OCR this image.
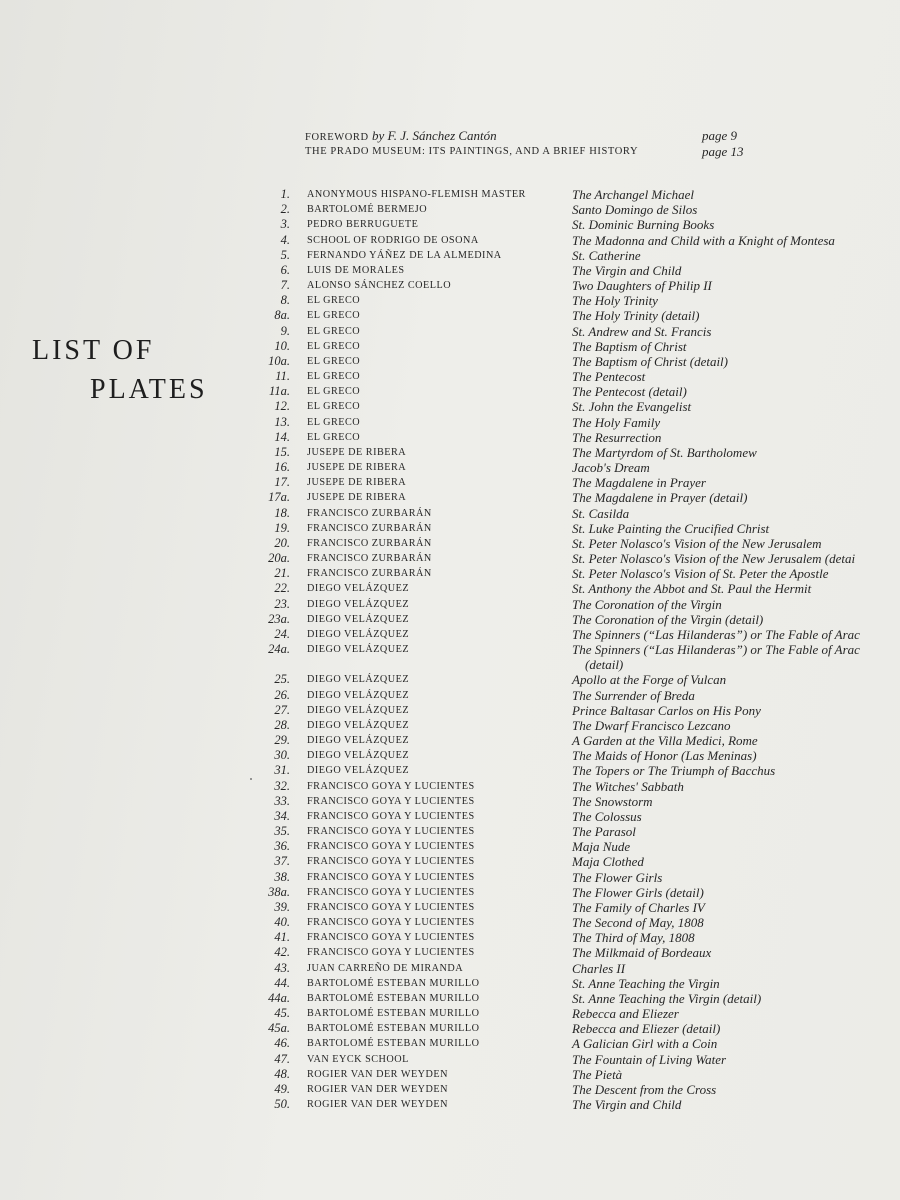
LIST OF
PLATES
FOREWORD by F. J. Sánchez Cantón	page 9
THE PRADO MUSEUM: ITS PAINTINGS, AND A BRIEF HISTORY	page 13
1. ANONYMOUS HISPANO-FLEMISH MASTER	The Archangel Michael
2. BARTOLOMÉ BERMEJO	Santo Domingo de Silos
3. PEDRO BERRUGUETE	St. Dominic Burning Books
4. SCHOOL OF RODRIGO DE OSONA	The Madonna and Child with a Knight of Montesa
5. FERNANDO YÁÑEZ DE LA ALMEDINA	St. Catherine
6. LUIS DE MORALES	The Virgin and Child
7. ALONSO SÁNCHEZ COELLO	Two Daughters of Philip II
8. EL GRECO	The Holy Trinity
8a. EL GRECO	The Holy Trinity (detail)
9. EL GRECO	St. Andrew and St. Francis
10. EL GRECO	The Baptism of Christ
10a. EL GRECO	The Baptism of Christ (detail)
11. EL GRECO	The Pentecost
11a. EL GRECO	The Pentecost (detail)
12. EL GRECO	St. John the Evangelist
13. EL GRECO	The Holy Family
14. EL GRECO	The Resurrection
15. JUSEPE DE RIBERA	The Martyrdom of St. Bartholomew
16. JUSEPE DE RIBERA	Jacob's Dream
17. JUSEPE DE RIBERA	The Magdalene in Prayer
17a. JUSEPE DE RIBERA	The Magdalene in Prayer (detail)
18. FRANCISCO ZURBARÁN	St. Casilda
19. FRANCISCO ZURBARÁN	St. Luke Painting the Crucified Christ
20. FRANCISCO ZURBARÁN	St. Peter Nolasco's Vision of the New Jerusalem
20a. FRANCISCO ZURBARÁN	St. Peter Nolasco's Vision of the New Jerusalem (detai
21. FRANCISCO ZURBARÁN	St. Peter Nolasco's Vision of St. Peter the Apostle
22. DIEGO VELÁZQUEZ	St. Anthony the Abbot and St. Paul the Hermit
23. DIEGO VELÁZQUEZ	The Coronation of the Virgin
23a. DIEGO VELÁZQUEZ	The Coronation of the Virgin (detail)
24. DIEGO VELÁZQUEZ	The Spinners (“Las Hilanderas”) or The Fable of Arac
24a. DIEGO VELÁZQUEZ	The Spinners (“Las Hilanderas”) or The Fable of Arac
(detail)
25. DIEGO VELÁZQUEZ	Apollo at the Forge of Vulcan
26. DIEGO VELÁZQUEZ	The Surrender of Breda
27. DIEGO VELÁZQUEZ	Prince Baltasar Carlos on His Pony
28. DIEGO VELÁZQUEZ	The Dwarf Francisco Lezcano
29. DIEGO VELÁZQUEZ	A Garden at the Villa Medici, Rome
30. DIEGO VELÁZQUEZ	The Maids of Honor (Las Meninas)
31. DIEGO VELÁZQUEZ	The Topers or The Triumph of Bacchus
32. FRANCISCO GOYA Y LUCIENTES	The Witches' Sabbath
33. FRANCISCO GOYA Y LUCIENTES	The Snowstorm
34. FRANCISCO GOYA Y LUCIENTES	The Colossus
35. FRANCISCO GOYA Y LUCIENTES	The Parasol
36. FRANCISCO GOYA Y LUCIENTES	Maja Nude
37. FRANCISCO GOYA Y LUCIENTES	Maja Clothed
38. FRANCISCO GOYA Y LUCIENTES	The Flower Girls
38a. FRANCISCO GOYA Y LUCIENTES	The Flower Girls (detail)
39. FRANCISCO GOYA Y LUCIENTES	The Family of Charles IV
40. FRANCISCO GOYA Y LUCIENTES	The Second of May, 1808
41. FRANCISCO GOYA Y LUCIENTES	The Third of May, 1808
42. FRANCISCO GOYA Y LUCIENTES	The Milkmaid of Bordeaux
43. JUAN CARREÑO DE MIRANDA	Charles II
44. BARTOLOMÉ ESTEBAN MURILLO	St. Anne Teaching the Virgin
44a. BARTOLOMÉ ESTEBAN MURILLO	St. Anne Teaching the Virgin (detail)
45. BARTOLOMÉ ESTEBAN MURILLO	Rebecca and Eliezer
45a. BARTOLOMÉ ESTEBAN MURILLO	Rebecca and Eliezer (detail)
46. BARTOLOMÉ ESTEBAN MURILLO	A Galician Girl with a Coin
47. VAN EYCK SCHOOL	The Fountain of Living Water
48. ROGIER VAN DER WEYDEN	The Pietà
49. ROGIER VAN DER WEYDEN	The Descent from the Cross
50. ROGIER VAN DER WEYDEN	The Virgin and Child
